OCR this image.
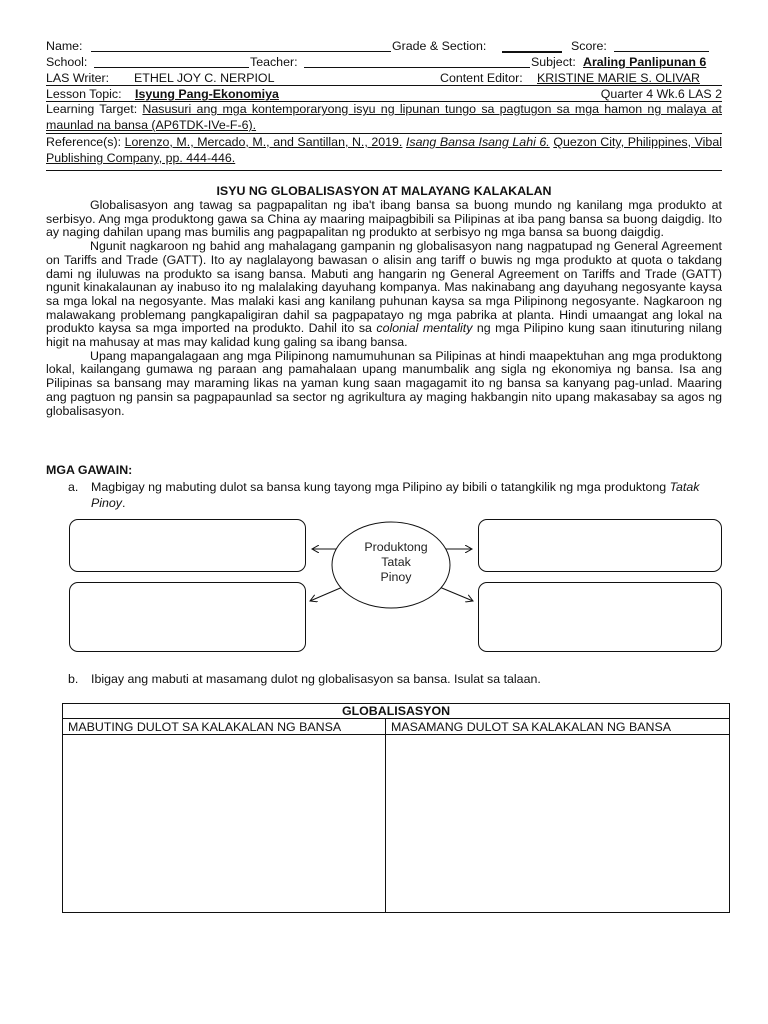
Name:	Grade & Section:	Score:
School:	Teacher:	Subject: Araling Panlipunan 6
LAS Writer: ETHEL JOY C. NERPIOL	Content Editor: KRISTINE MARIE S. OLIVAR
Lesson Topic: Isyung Pang-Ekonomiya	Quarter 4 Wk.6 LAS 2
Learning Target: Nasusuri ang mga kontemporaryong isyu ng lipunan tungo sa pagtugon sa mga hamon ng malaya at maunlad na bansa (AP6TDK-IVe-F-6).
Reference(s): Lorenzo, M., Mercado, M., and Santillan, N., 2019. Isang Bansa Isang Lahi 6. Quezon City, Philippines, Vibal Publishing Company, pp. 444-446.
ISYU NG GLOBALISASYON AT MALAYANG KALAKALAN

Globalisasyon ang tawag sa pagpapalitan ng iba't ibang bansa sa buong mundo ng kanilang mga produkto at serbisyo. Ang mga produktong gawa sa China ay maaring maipagbibili sa Pilipinas at iba pang bansa sa buong daigdig. Ito ay naging dahilan upang mas bumilis ang pagpapalitan ng produkto at serbisyo ng mga bansa sa buong daigdig.

Ngunit nagkaroon ng bahid ang mahalagang gampanin ng globalisasyon nang nagpatupad ng General Agreement on Tariffs and Trade (GATT). Ito ay naglalayong bawasan o alisin ang tariff o buwis ng mga produkto at quota o takdang dami ng iluluwas na produkto sa isang bansa. Mabuti ang hangarin ng General Agreement on Tariffs and Trade (GATT) ngunit kinakalaunan ay inabuso ito ng malalaking dayuhang kompanya. Mas nakinabang ang dayuhang negosyante kaysa sa mga lokal na negosyante. Mas malaki kasi ang kanilang puhunan kaysa sa mga Pilipinong negosyante. Nagkaroon ng malawakang problemang pangkapaligiran dahil sa pagpapatayo ng mga pabrika at planta. Hindi umaangat ang lokal na produkto kaysa sa mga imported na produkto. Dahil ito sa colonial mentality ng mga Pilipino kung saan itinuturing nilang higit na mahusay at mas may kalidad kung galing sa ibang bansa.

Upang mapangalagaan ang mga Pilipinong namumuhunan sa Pilipinas at hindi maapektuhan ang mga produktong lokal, kailangang gumawa ng paraan ang pamahalaan upang manumbalik ang sigla ng ekonomiya ng bansa. Isa ang Pilipinas sa bansang may maraming likas na yaman kung saan magagamit ito ng bansa sa kanyang pag-unlad. Maaring ang pagtuon ng pansin sa pagpapaunlad sa sector ng agrikultura ay maging hakbangin nito upang makasabay sa agos ng globalisasyon.

MGA GAWAIN:
a. Magbigay ng mabuting dulot sa bansa kung tayong mga Pilipino ay bibili o tatangkilik ng mga produktong Tatak Pinoy.
Produktong
Tatak
Pinoy
b. Ibigay ang mabuti at masamang dulot ng globalisasyon sa bansa. Isulat sa talaan.
GLOBALISASYON	
MABUTING DULOT SA KALAKALAN NG BANSA	MASAMANG DULOT SA KALAKALAN NG BANSA
